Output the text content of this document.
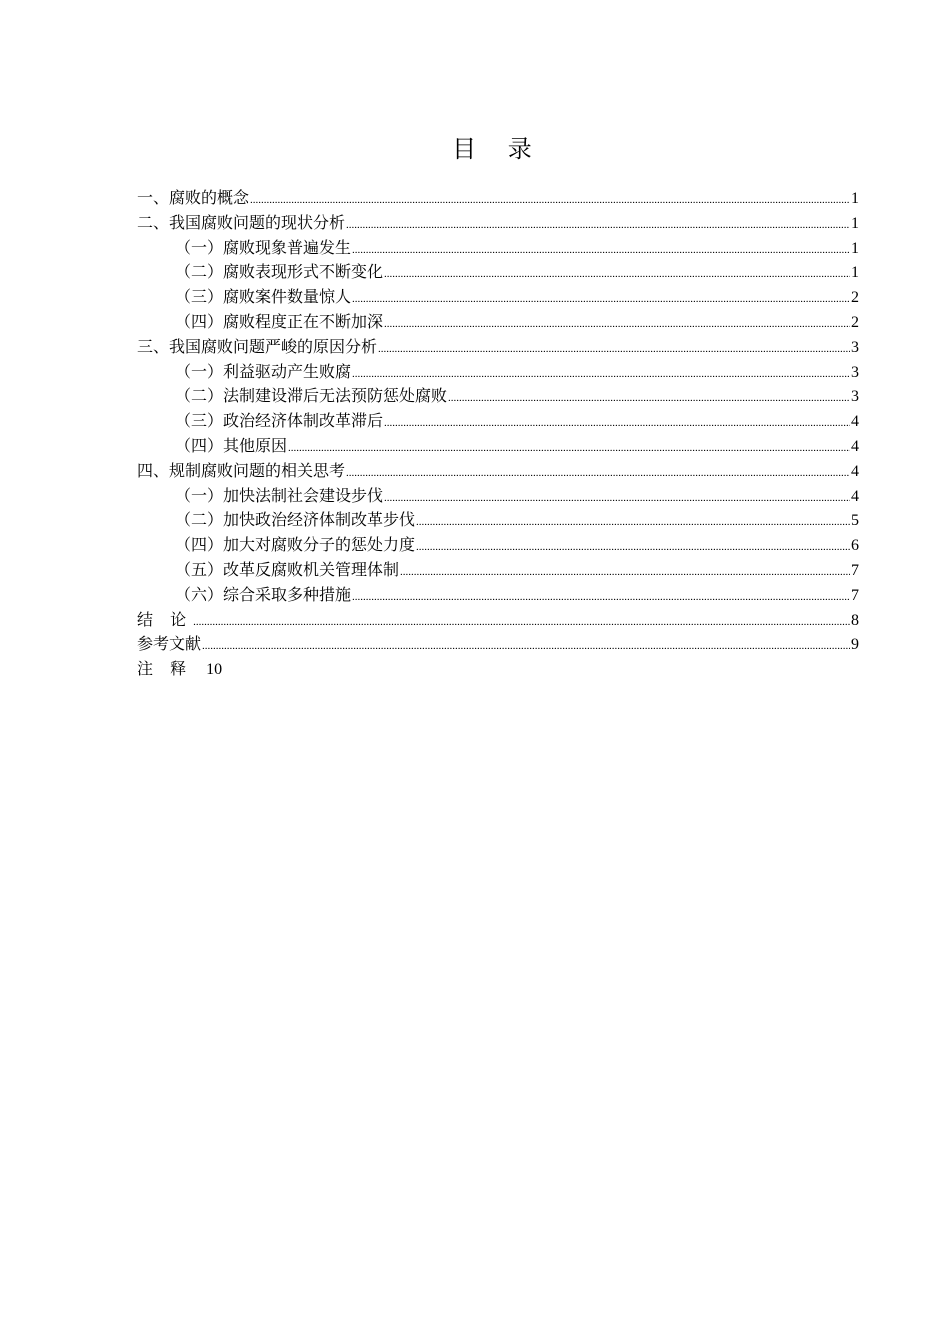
目 录
一、腐败的概念 .....	1
二、我国腐败问题的现状分析 .....	1
（一）腐败现象普遍发生 .....	1
（二）腐败表现形式不断变化 .....	1
（三）腐败案件数量惊人 .....	2
（四）腐败程度正在不断加深 .....	2
三、我国腐败问题严峻的原因分析 .....	3
（一）利益驱动产生败腐 .....	3
（二）法制建设滞后无法预防惩处腐败 .....	3
（三）政治经济体制改革滞后 .....	4
（四）其他原因 .....	4
四、规制腐败问题的相关思考 .....	4
（一）加快法制社会建设步伐 .....	4
（二）加快政治经济体制改革步伐 .....	5
（四）加大对腐败分子的惩处力度 .....	6
（五）改革反腐败机关管理体制 .....	7
（六）综合采取多种措施 .....	7
结 论 .....	8
参考文献 .....	9
注 释 10
